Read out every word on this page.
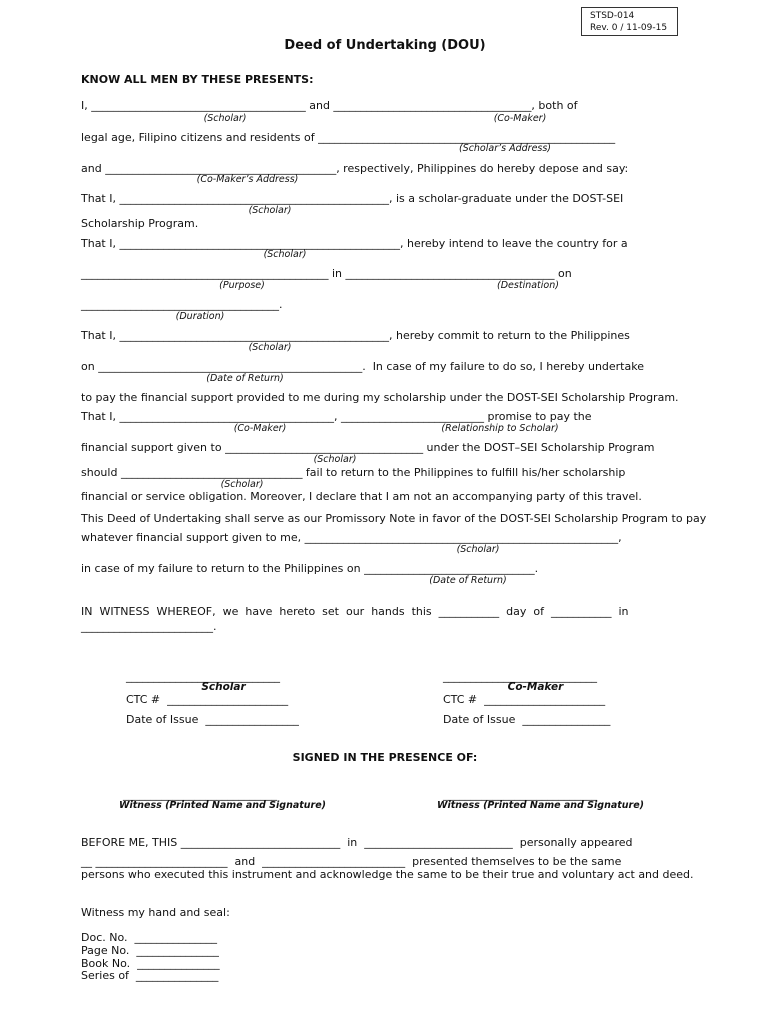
STSD-014
Rev. 0 / 11-09-15
Deed of Undertaking (DOU)
KNOW ALL MEN BY THESE PRESENTS:
I, _______________________________________ and ____________________________________, both of
(Scholar)	(Co-Maker)
legal age, Filipino citizens and residents of ______________________________________________________
(Scholar’s Address)
and __________________________________________, respectively, Philippines do hereby depose and say:
(Co-Maker’s Address)
That I, _________________________________________________, is a scholar-graduate under the DOST-SEI
(Scholar)
Scholarship Program.
That I, ___________________________________________________, hereby intend to leave the country for a
(Scholar)
_____________________________________________ in ______________________________________ on
(Purpose)	(Destination)
____________________________________.
(Duration)
That I, _________________________________________________, hereby commit to return to the Philippines
(Scholar)
on ________________________________________________.  In case of my failure to do so, I hereby undertake
(Date of Return)
to pay the financial support provided to me during my scholarship under the DOST-SEI Scholarship Program.
That I, _______________________________________, __________________________ promise to pay the
(Co-Maker)	(Relationship to Scholar)
financial support given to ____________________________________ under the DOST–SEI Scholarship Program
(Scholar)
should _________________________________ fail to return to the Philippines to fulfill his/her scholarship
(Scholar)
financial or service obligation. Moreover, I declare that I am not an accompanying party of this travel.
This Deed of Undertaking shall serve as our Promissory Note in favor of the DOST-SEI Scholarship Program to pay
whatever financial support given to me, _________________________________________________________,
(Scholar)
in case of my failure to return to the Philippines on _______________________________.
(Date of Return)
IN  WITNESS  WHEREOF,  we  have  hereto  set  our  hands  this  ___________  day  of  ___________  in
________________________.
____________________________
Scholar
CTC #  ______________________
Date of Issue  _________________
____________________________
Co-Maker
CTC #  ______________________
Date of Issue  ________________
SIGNED IN THE PRESENCE OF:
____________________________
Witness (Printed Name and Signature)
____________________________
Witness (Printed Name and Signature)
BEFORE ME, THIS _____________________________  in  ___________________________  personally appeared
__ ________________________  and  __________________________  presented themselves to be the same
persons who executed this instrument and acknowledge the same to be their true and voluntary act and deed.
Witness my hand and seal:
Doc. No.  _______________
Page No.  _______________
Book No.  _______________
Series of  _______________
